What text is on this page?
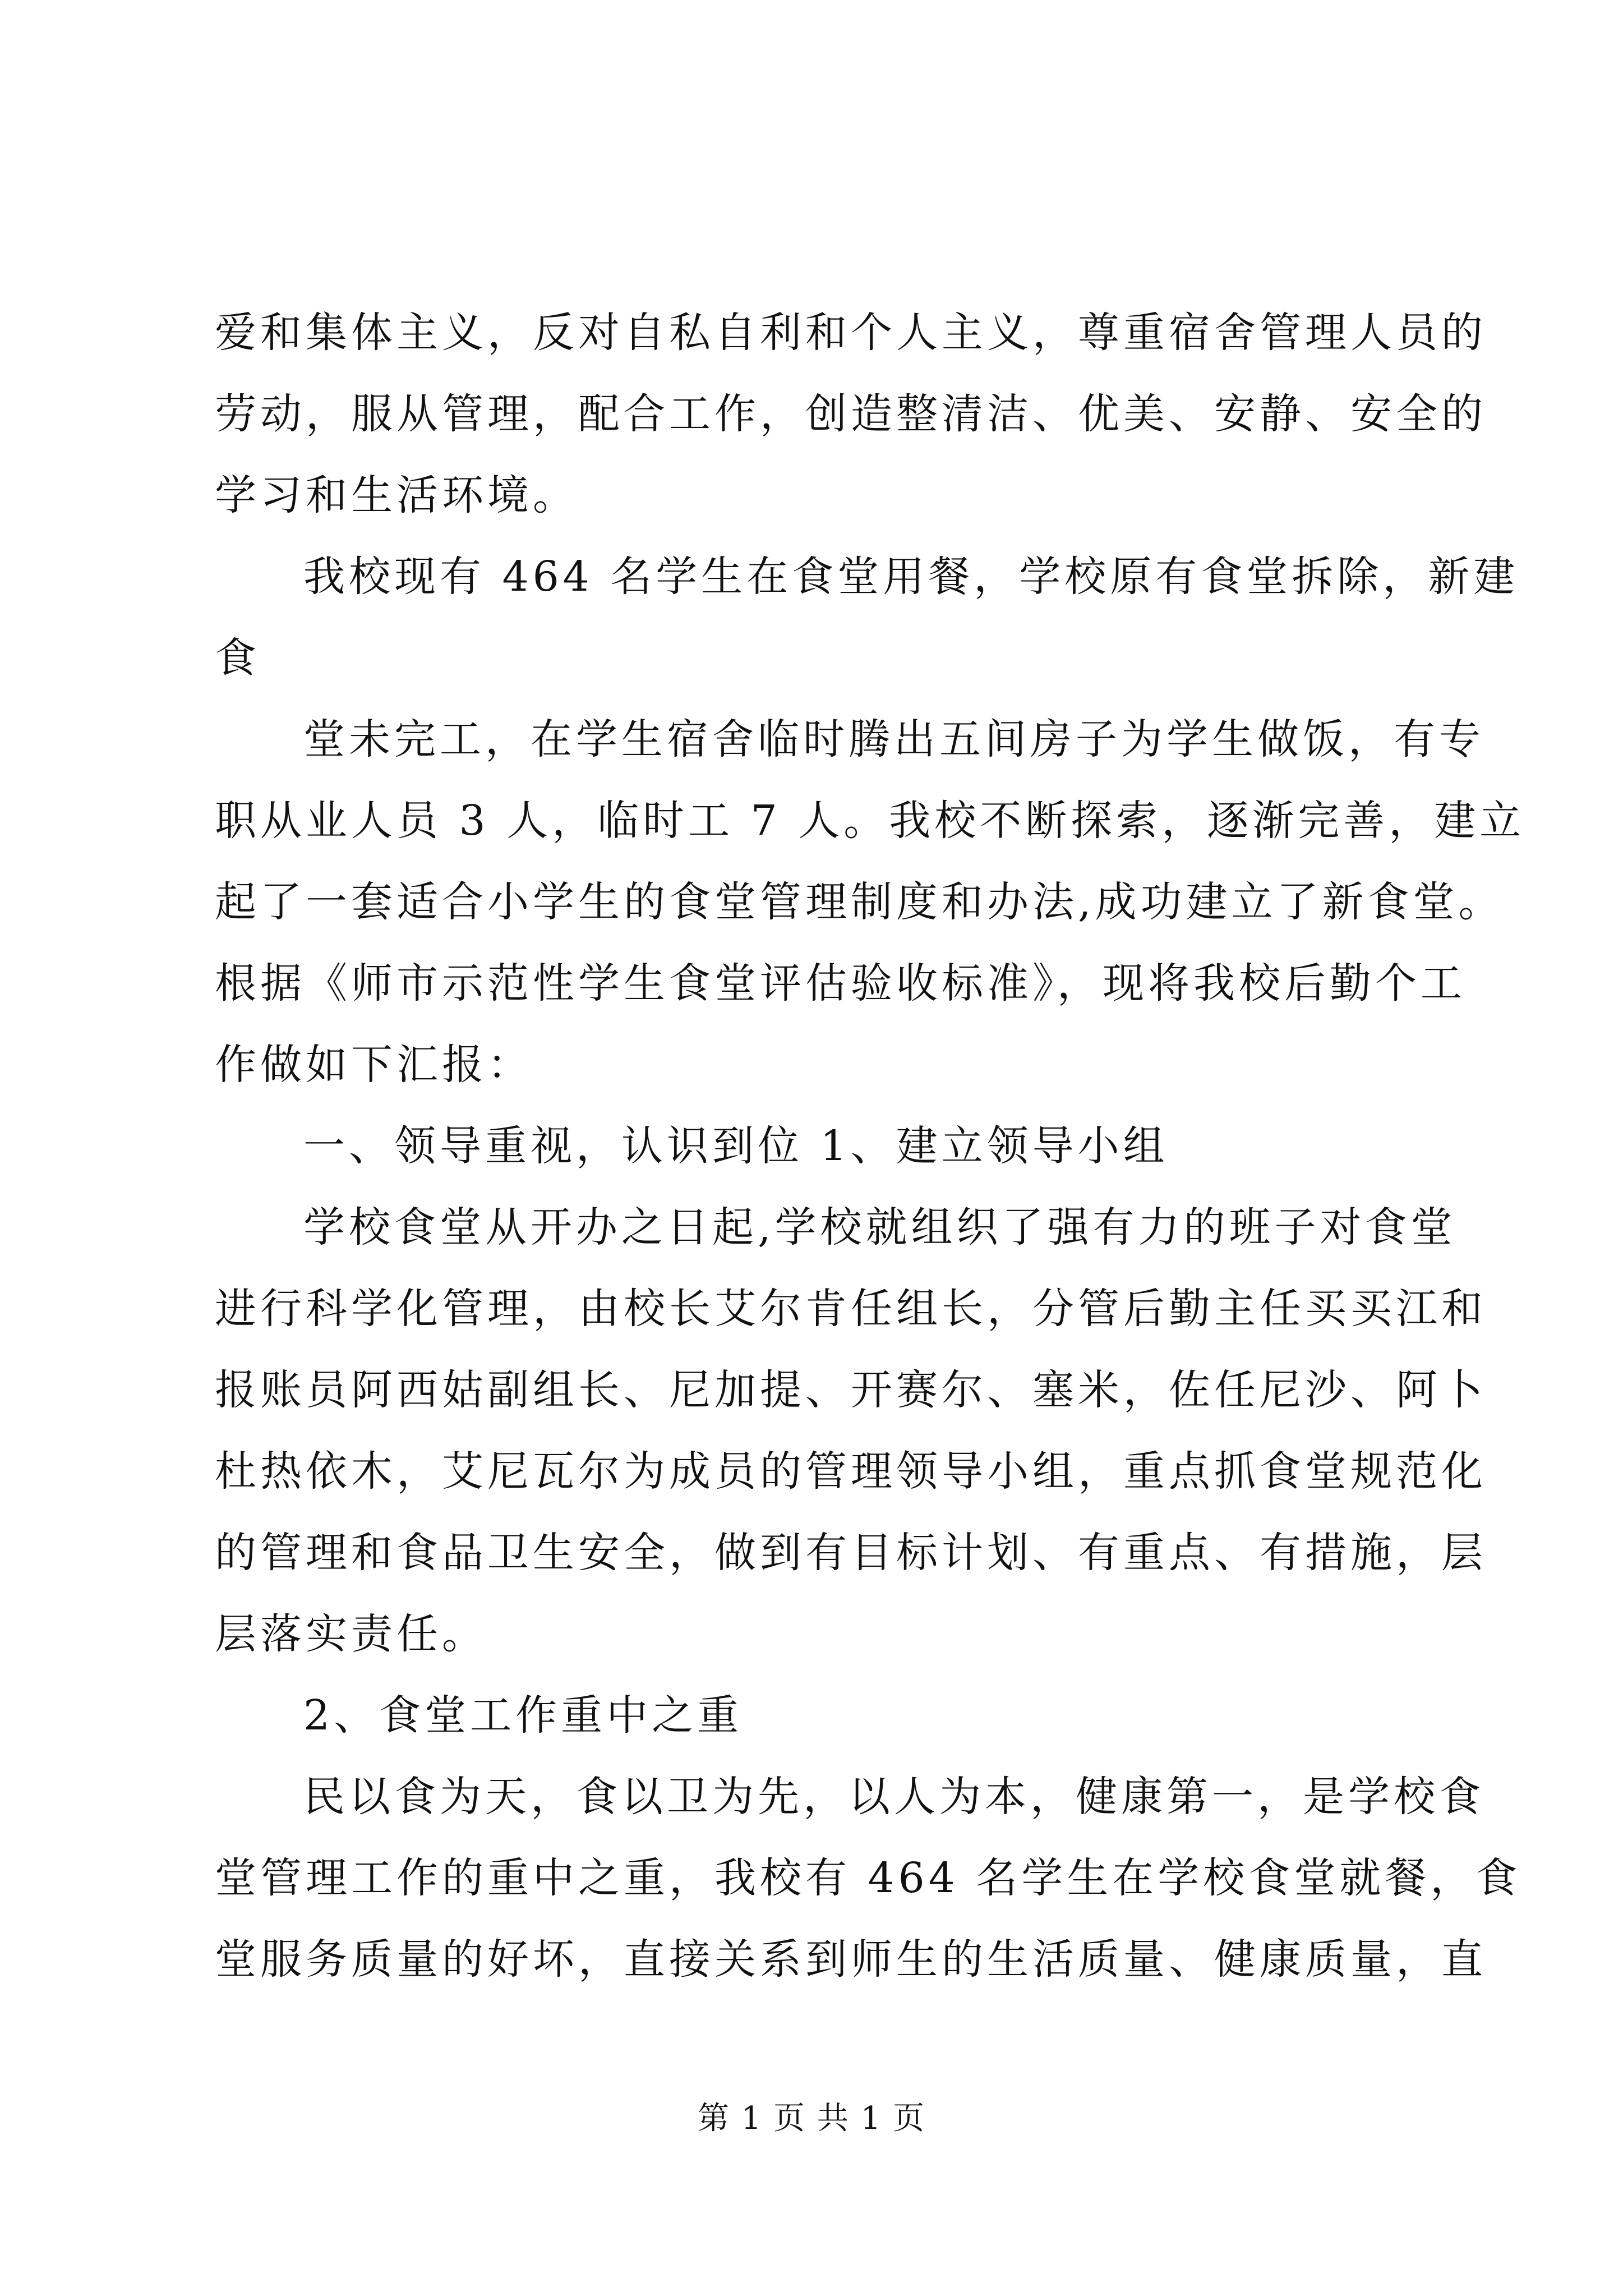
爱和集体主义，反对自私自利和个人主义，尊重宿舍管理人员的
劳动，服从管理，配合工作，创造整清洁、优美、安静、安全的
学习和生活环境。
我校现有 464 名学生在食堂用餐，学校原有食堂拆除，新建
食
堂未完工，在学生宿舍临时腾出五间房子为学生做饭，有专
职从业人员 3 人，临时工 7 人。我校不断探索，逐渐完善，建立
起了一套适合小学生的食堂管理制度和办法,成功建立了新食堂。
根据《师市示范性学生食堂评估验收标准》，现将我校后勤个工
作做如下汇报：
一、领导重视，认识到位 1、建立领导小组
学校食堂从开办之日起,学校就组织了强有力的班子对食堂
进行科学化管理，由校长艾尔肯任组长，分管后勤主任买买江和
报账员阿西姑副组长、尼加提、开赛尔、塞米，佐任尼沙、阿卜
杜热依木，艾尼瓦尔为成员的管理领导小组，重点抓食堂规范化
的管理和食品卫生安全，做到有目标计划、有重点、有措施，层
层落实责任。
2、食堂工作重中之重
民以食为天，食以卫为先，以人为本，健康第一，是学校食
堂管理工作的重中之重，我校有 464 名学生在学校食堂就餐，食
堂服务质量的好坏，直接关系到师生的生活质量、健康质量，直
第 1 页 共 1 页
